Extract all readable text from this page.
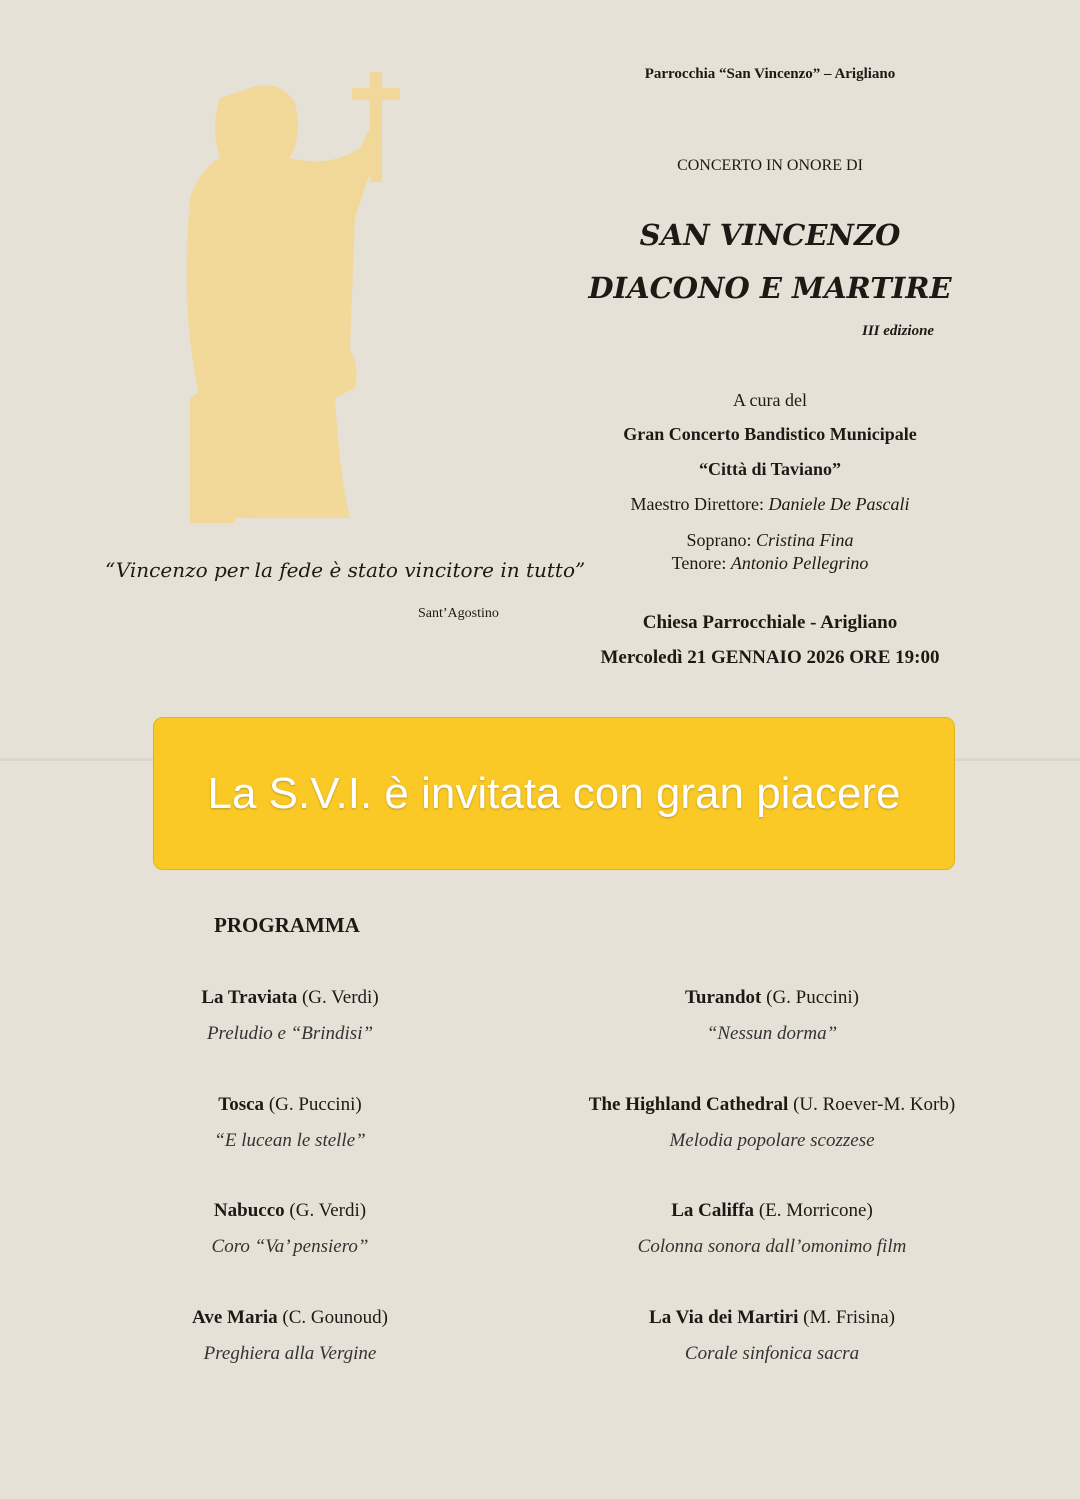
“Vincenzo per la fede è stato vincitore in tutto”
Sant’Agostino
Parrocchia “San Vincenzo” – Arigliano
CONCERTO IN ONORE DI
SAN VINCENZO
DIACONO E MARTIRE
III edizione
A cura del
Gran Concerto Bandistico Municipale
“Città di Taviano”
Maestro Direttore: Daniele De Pascali
Soprano: Cristina Fina
Tenore: Antonio Pellegrino
Chiesa Parrocchiale - Arigliano
Mercoledì 21 GENNAIO 2026 ORE 19:00
La S.V.I. è invitata con gran piacere
PROGRAMMA
La Traviata (G. Verdi)
Preludio e “Brindisi”
Turandot (G. Puccini)
“Nessun dorma”
Tosca (G. Puccini)
“E lucean le stelle”
The Highland Cathedral (U. Roever-M. Korb)
Melodia popolare scozzese
Nabucco (G. Verdi)
Coro “Va’ pensiero”
La Califfa (E. Morricone)
Colonna sonora dall’omonimo film
Ave Maria (C. Gounoud)
Preghiera alla Vergine
La Via dei Martiri (M. Frisina)
Corale sinfonica sacra
